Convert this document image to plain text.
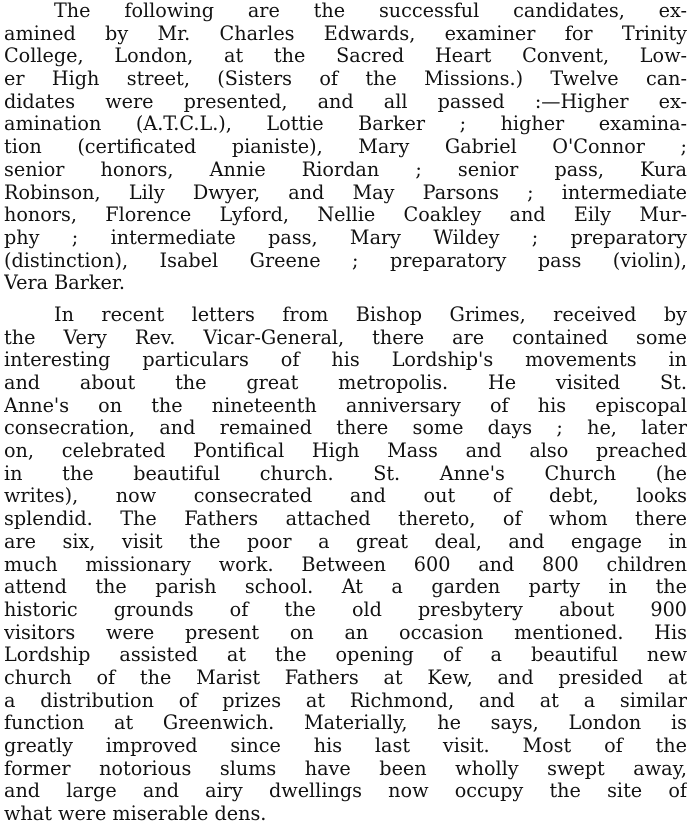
The following are the successful candidates, ex-
amined by Mr. Charles Edwards, examiner for Trinity
College, London, at the Sacred Heart Convent, Low-
er High street, (Sisters of the Missions.) Twelve can-
didates were presented, and all passed :—Higher ex-
amination (A.T.C.L.), Lottie Barker ; higher examina-
tion (certificated pianiste), Mary Gabriel O'Connor ;
senior honors, Annie Riordan ; senior pass, Kura
Robinson, Lily Dwyer, and May Parsons ; intermediate
honors, Florence Lyford, Nellie Coakley and Eily Mur-
phy ; intermediate pass, Mary Wildey ; preparatory
(distinction), Isabel Greene ; preparatory pass (violin),
Vera Barker.

In recent letters from Bishop Grimes, received by
the Very Rev. Vicar-General, there are contained some
interesting particulars of his Lordship's movements in
and about the great metropolis. He visited St.
Anne's on the nineteenth anniversary of his episcopal
consecration, and remained there some days ; he, later
on, celebrated Pontifical High Mass and also preached
in the beautiful church. St. Anne's Church (he
writes), now consecrated and out of debt, looks
splendid. The Fathers attached thereto, of whom there
are six, visit the poor a great deal, and engage in
much missionary work. Between 600 and 800 children
attend the parish school. At a garden party in the
historic grounds of the old presbytery about 900
visitors were present on an occasion mentioned. His
Lordship assisted at the opening of a beautiful new
church of the Marist Fathers at Kew, and presided at
a distribution of prizes at Richmond, and at a similar
function at Greenwich. Materially, he says, London is
greatly improved since his last visit. Most of the
former notorious slums have been wholly swept away,
and large and airy dwellings now occupy the site of
what were miserable dens.
